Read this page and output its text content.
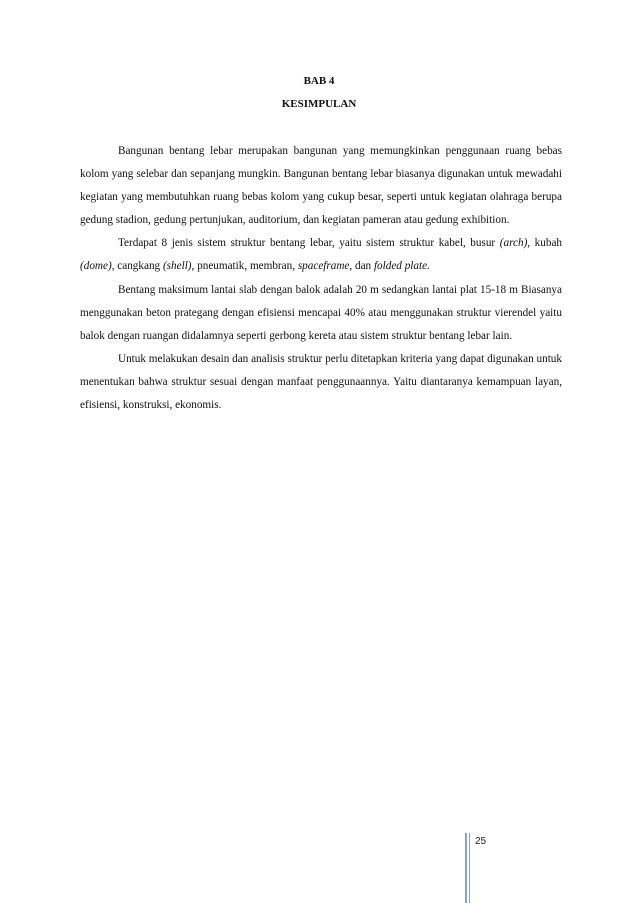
BAB 4
KESIMPULAN

Bangunan bentang lebar merupakan bangunan yang memungkinkan penggunaan ruang bebas kolom yang selebar dan sepanjang mungkin. Bangunan bentang lebar biasanya digunakan untuk mewadahi kegiatan yang membutuhkan ruang bebas kolom yang cukup besar, seperti untuk kegiatan olahraga berupa gedung stadion, gedung pertunjukan, auditorium, dan kegiatan pameran atau gedung exhibition.

Terdapat 8 jenis sistem struktur bentang lebar, yaitu sistem struktur kabel, busur (arch), kubah (dome), cangkang (shell), pneumatik, membran, spaceframe, dan folded plate.

Bentang maksimum lantai slab dengan balok adalah 20 m sedangkan lantai plat 15-18 m Biasanya menggunakan beton prategang dengan efisiensi mencapai 40% atau menggunakan struktur vierendel yaitu balok dengan ruangan didalamnya seperti gerbong kereta atau sistem struktur bentang lebar lain.

Untuk melakukan desain dan analisis struktur perlu ditetapkan kriteria yang dapat digunakan untuk menentukan bahwa struktur sesuai dengan manfaat penggunaannya. Yaitu diantaranya kemampuan layan, efisiensi, konstruksi, ekonomis.

25
